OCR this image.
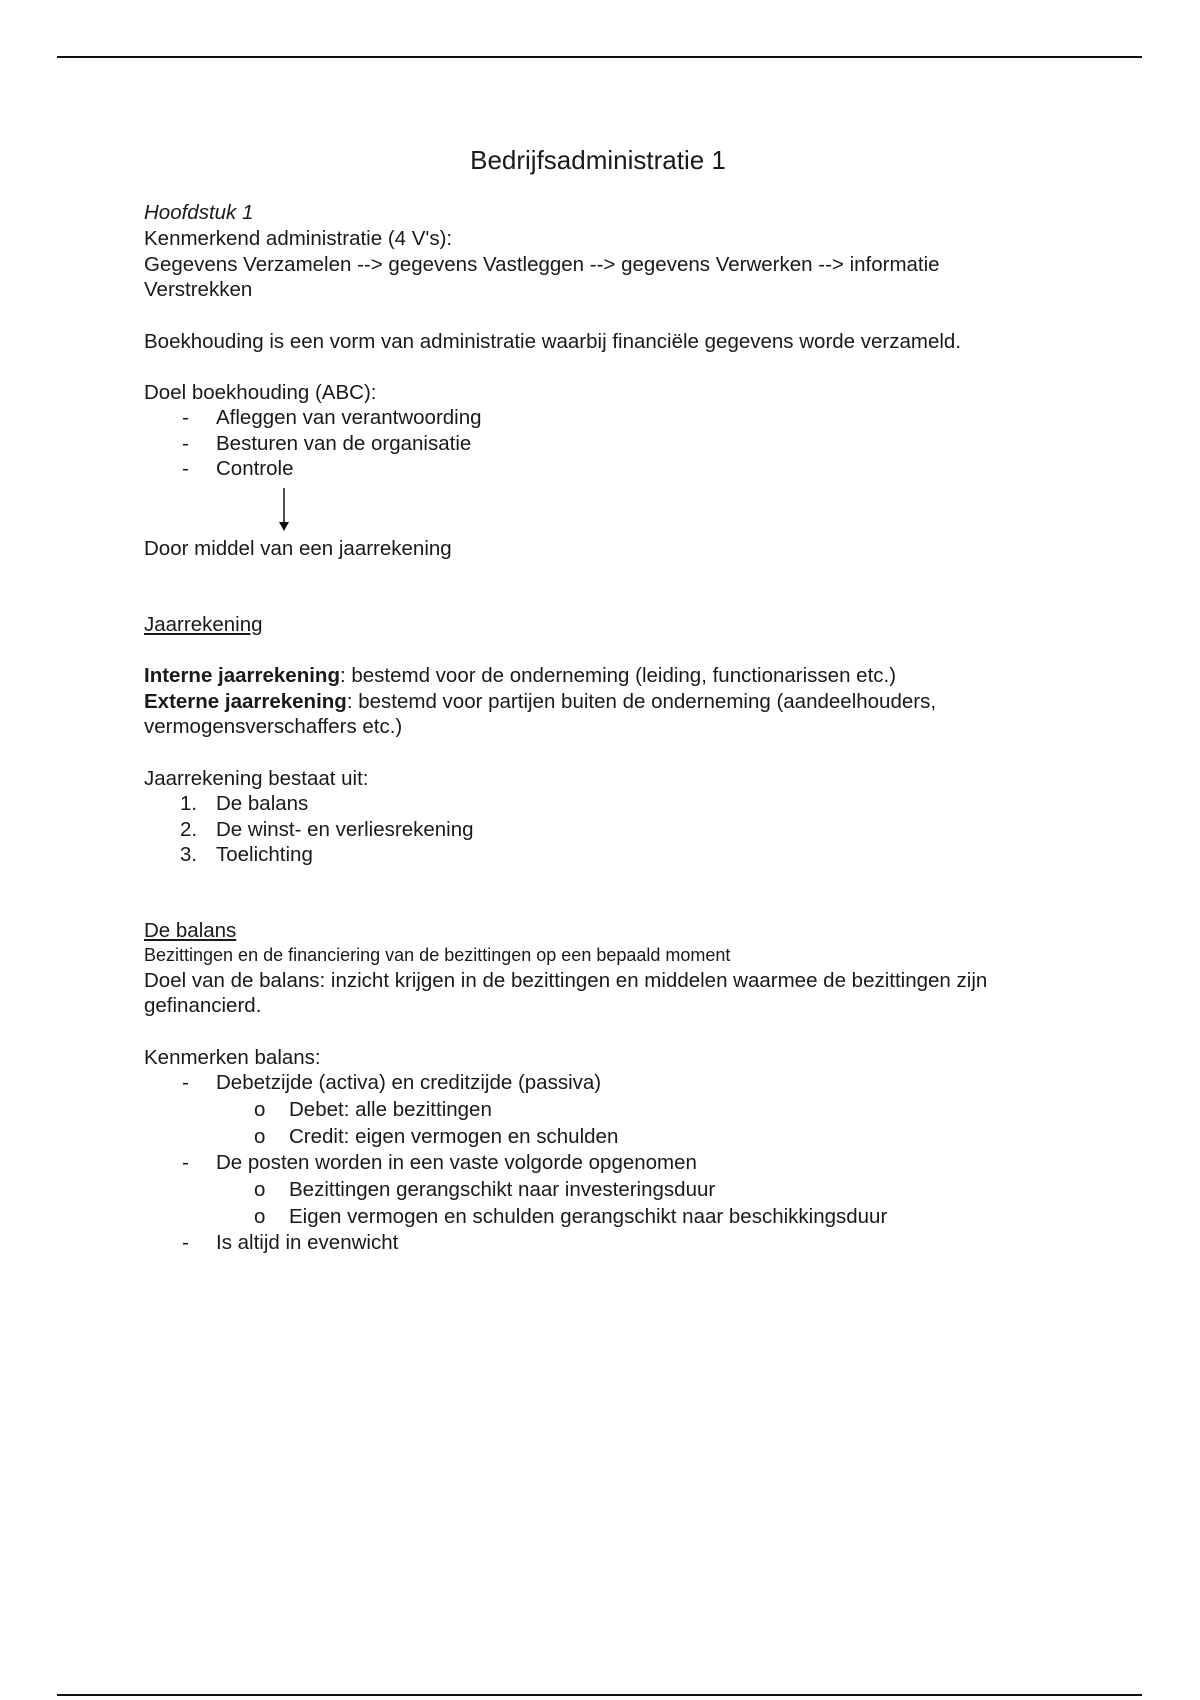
Bedrijfsadministratie 1
Hoofdstuk 1
Kenmerkend administratie (4 V's):
Gegevens Verzamelen --> gegevens Vastleggen --> gegevens Verwerken --> informatie
Verstrekken
Boekhouding is een vorm van administratie waarbij financiële gegevens worde verzameld.
Doel boekhouding (ABC):
-	Afleggen van verantwoording
-	Besturen van de organisatie
-	Controle
Door middel van een jaarrekening
Jaarrekening
Interne jaarrekening: bestemd voor de onderneming (leiding, functionarissen etc.)
Externe jaarrekening: bestemd voor partijen buiten de onderneming (aandeelhouders,
vermogensverschaffers etc.)
Jaarrekening bestaat uit:
1. De balans
2. De winst- en verliesrekening
3. Toelichting
De balans
Bezittingen en de financiering van de bezittingen op een bepaald moment
Doel van de balans: inzicht krijgen in de bezittingen en middelen waarmee de bezittingen zijn
gefinancierd.
Kenmerken balans:
-	Debetzijde (activa) en creditzijde (passiva)
o Debet: alle bezittingen
o Credit: eigen vermogen en schulden
-	De posten worden in een vaste volgorde opgenomen
o Bezittingen gerangschikt naar investeringsduur
o Eigen vermogen en schulden gerangschikt naar beschikkingsduur
-	Is altijd in evenwicht
